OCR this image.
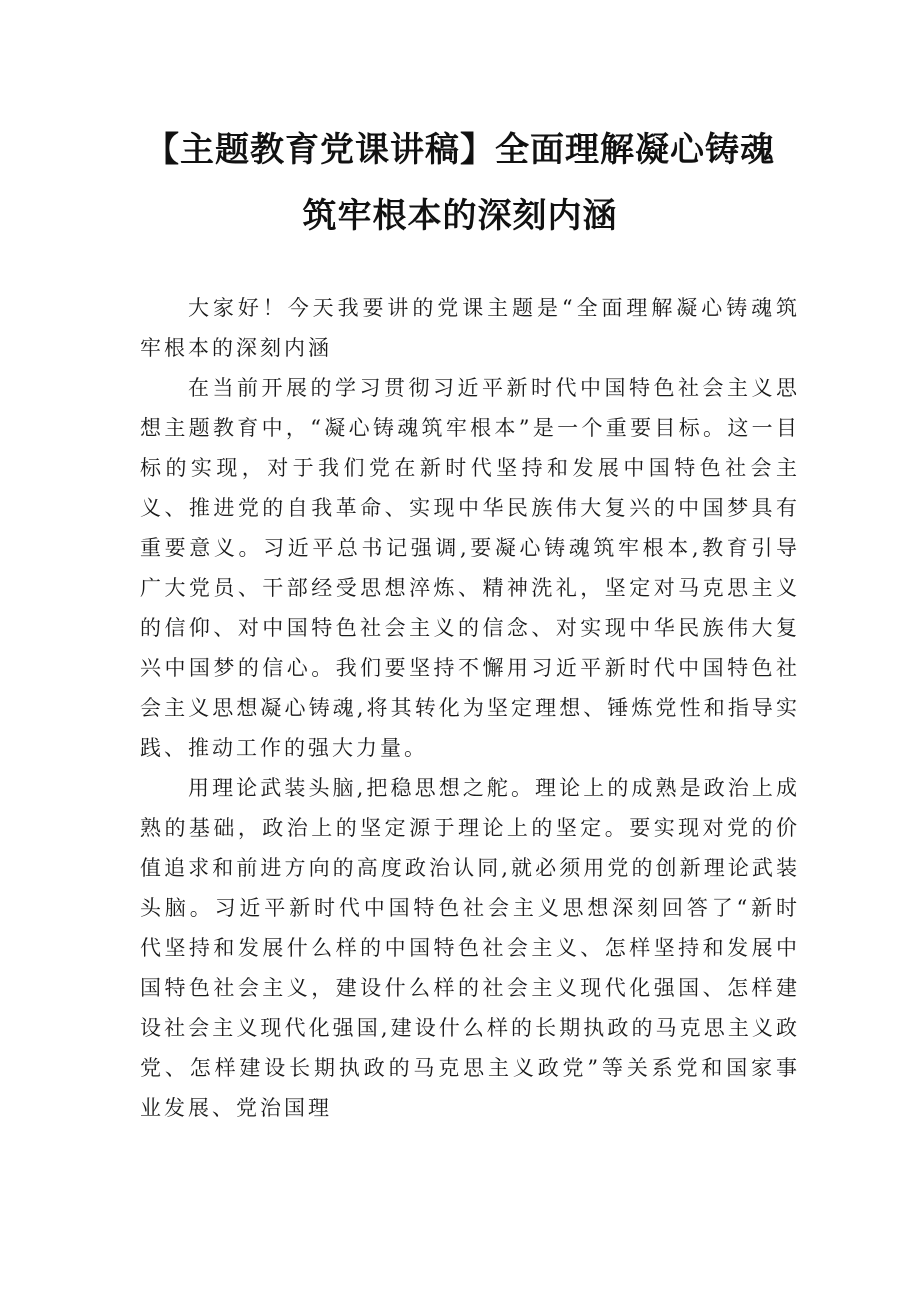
【主题教育党课讲稿】全面理解凝心铸魂
筑牢根本的深刻内涵

大家好！今天我要讲的党课主题是“全面理解凝心铸魂筑牢根本的深刻内涵

在当前开展的学习贯彻习近平新时代中国特色社会主义思想主题教育中，“凝心铸魂筑牢根本”是一个重要目标。这一目标的实现，对于我们党在新时代坚持和发展中国特色社会主义、推进党的自我革命、实现中华民族伟大复兴的中国梦具有重要意义。习近平总书记强调,要凝心铸魂筑牢根本,教育引导广大党员、干部经受思想淬炼、精神洗礼，坚定对马克思主义的信仰、对中国特色社会主义的信念、对实现中华民族伟大复兴中国梦的信心。我们要坚持不懈用习近平新时代中国特色社会主义思想凝心铸魂,将其转化为坚定理想、锤炼党性和指导实践、推动工作的强大力量。

用理论武装头脑,把稳思想之舵。理论上的成熟是政治上成熟的基础，政治上的坚定源于理论上的坚定。要实现对党的价值追求和前进方向的高度政治认同,就必须用党的创新理论武装头脑。习近平新时代中国特色社会主义思想深刻回答了“新时代坚持和发展什么样的中国特色社会主义、怎样坚持和发展中国特色社会主义，建设什么样的社会主义现代化强国、怎样建设社会主义现代化强国,建设什么样的长期执政的马克思主义政党、怎样建设长期执政的马克思主义政党”等关系党和国家事业发展、党治国理
